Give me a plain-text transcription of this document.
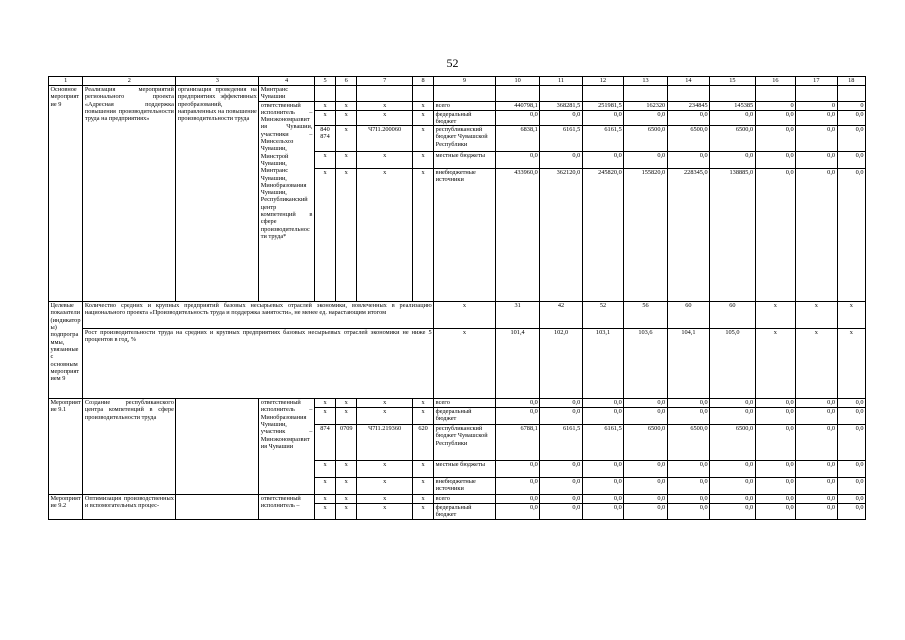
52
1	2	3	4	5	6	7	8	9	10	11	12	13	14	15	16	17	18
Основное мероприятие 9	Реализация мероприятий регионального проекта «Адресная поддержка повышения производительности труда на предприятиях»	организация проведения на предприятиях эффективных преобразований, направленных на повышение производительности труда	Минтранс Чувашии														
			ответственный исполнитель – Минэкономразвития Чувашии, участники – Минсельхоз Чувашии, Минстрой Чувашии, Минтранс Чувашии, Минобразования Чувашии, Республиканский центр компетенций в сфере производительности труда*	x	x	x	x	всего	440798,1	368281,5	251981,5	162320	234845	145385	0	0	0
				x	x	x	x	федеральный бюджет	0,0	0,0	0,0	0,0	0,0	0,0	0,0	0,0	0,0
				840 874	x	Ч7I1.200060	x	республиканский бюджет Чувашской Республики	6838,1	6161,5	6161,5	6500,0	6500,0	6500,0	0,0	0,0	0,0
				x	x	x	x	местные бюджеты	0,0	0,0	0,0	0,0	0,0	0,0	0,0	0,0	0,0
				x	x	x	x	внебюджетные источники	433960,0	362120,0	245820,0	155820,0	228345,0	138885,0	0,0	0,0	0,0
Целевые показатели (индикаторы) подпрограммы, увязанные с основным мероприятием 9	Количество средних и крупных предприятий базовых несырьевых отраслей экономики, вовлеченных в реализацию национального проекта «Производительность труда и поддержка занятости», не менее ед. нарастающим итогом							x	31	42	52	56	60	60	x	x	x
	Рост производительности труда на средних и крупных предприятиях базовых несырьевых отраслей экономики не ниже 5 процентов в год, %							x	101,4	102,0	103,1	103,6	104,1	105,0	x	x	x
Мероприятие 9.1	Создание республиканского центра компетенций в сфере производительности труда		ответственный исполнитель – Минобразования Чувашии, участник – Минэкономразвития Чувашии	x	x	x	x	всего	0,0	0,0	0,0	0,0	0,0	0,0	0,0	0,0	0,0
				x	x	x	x	федеральный бюджет	0,0	0,0	0,0	0,0	0,0	0,0	0,0	0,0	0,0
				874	0709	Ч7I1.219360	620	республиканский бюджет Чувашской Республики	6788,1	6161,5	6161,5	6500,0	6500,0	6500,0	0,0	0,0	0,0
				x	x	x	x	местные бюджеты	0,0	0,0	0,0	0,0	0,0	0,0	0,0	0,0	0,0
				x	x	x	x	внебюджетные источники	0,0	0,0	0,0	0,0	0,0	0,0	0,0	0,0	0,0
Мероприятие 9.2	Оптимизация производственных и вспомогательных процес-		ответственный исполнитель –	x	x	x	x	всего	0,0	0,0	0,0	0,0	0,0	0,0	0,0	0,0	0,0
				x	x	x	x	федеральный бюджет	0,0	0,0	0,0	0,0	0,0	0,0	0,0	0,0	0,0
